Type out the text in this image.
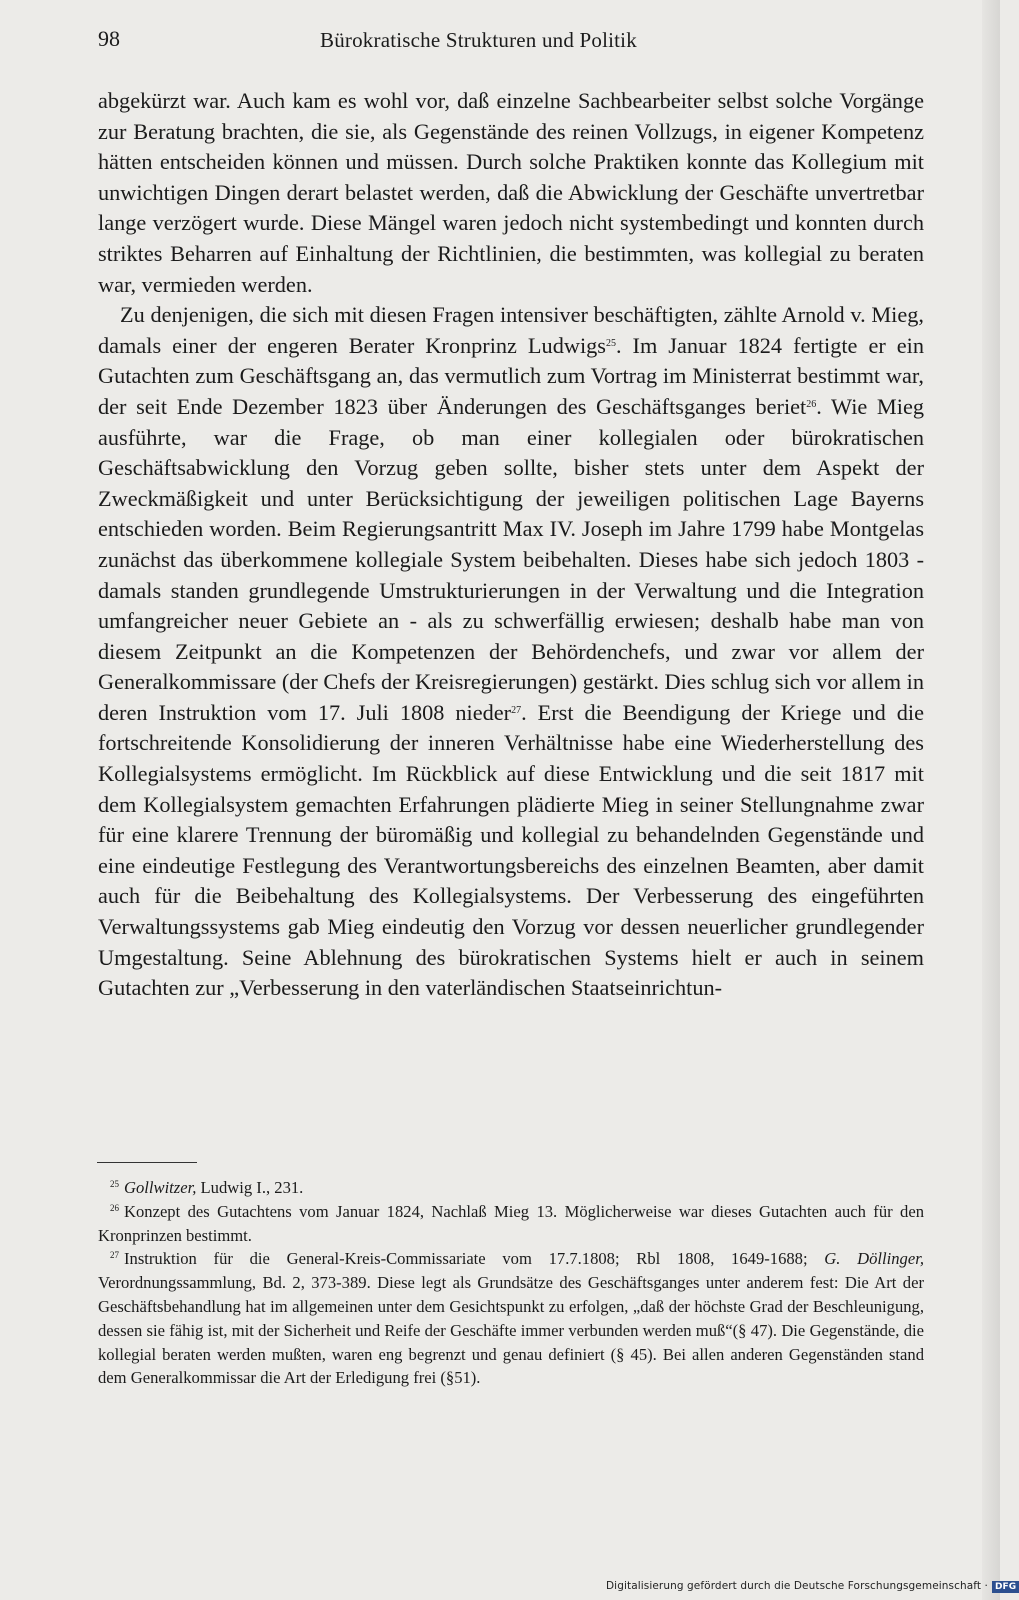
98	Bürokratische Strukturen und Politik

abgekürzt war. Auch kam es wohl vor, daß einzelne Sachbearbeiter selbst solche Vorgänge zur Beratung brachten, die sie, als Gegenstände des reinen Vollzugs, in eigener Kompetenz hätten entscheiden können und müssen. Durch solche Praktiken konnte das Kollegium mit unwichtigen Dingen derart belastet werden, daß die Abwicklung der Geschäfte unvertretbar lange verzögert wurde. Diese Mängel waren jedoch nicht systembedingt und konnten durch striktes Beharren auf Einhaltung der Richtlinien, die bestimmten, was kollegial zu beraten war, vermieden werden.

Zu denjenigen, die sich mit diesen Fragen intensiver beschäftigten, zählte Arnold v. Mieg, damals einer der engeren Berater Kronprinz Ludwigs$^{25}$. Im Januar 1824 fertigte er ein Gutachten zum Geschäftsgang an, das vermutlich zum Vortrag im Ministerrat bestimmt war, der seit Ende Dezember 1823 über Änderungen des Geschäftsganges beriet$^{26}$. Wie Mieg ausführte, war die Frage, ob man einer kollegialen oder bürokratischen Geschäftsabwicklung den Vorzug geben sollte, bisher stets unter dem Aspekt der Zweckmäßigkeit und unter Berücksichtigung der jeweiligen politischen Lage Bayerns entschieden worden. Beim Regierungsantritt Max IV. Joseph im Jahre 1799 habe Montgelas zunächst das überkommene kollegiale System beibehalten. Dieses habe sich jedoch 1803 - damals standen grundlegende Umstrukturierungen in der Verwaltung und die Integration umfangreicher neuer Gebiete an - als zu schwerfällig erwiesen; deshalb habe man von diesem Zeitpunkt an die Kompetenzen der Behördenchefs, und zwar vor allem der Generalkommissare (der Chefs der Kreisregierungen) gestärkt. Dies schlug sich vor allem in deren Instruktion vom 17. Juli 1808 nieder$^{27}$. Erst die Beendigung der Kriege und die fortschreitende Konsolidierung der inneren Verhältnisse habe eine Wiederherstellung des Kollegialsystems ermöglicht. Im Rückblick auf diese Entwicklung und die seit 1817 mit dem Kollegialsystem gemachten Erfahrungen plädierte Mieg in seiner Stellungnahme zwar für eine klarere Trennung der büromäßig und kollegial zu behandelnden Gegenstände und eine eindeutige Festlegung des Verantwortungsbereichs des einzelnen Beamten, aber damit auch für die Beibehaltung des Kollegialsystems. Der Verbesserung des eingeführten Verwaltungssystems gab Mieg eindeutig den Vorzug vor dessen neuerlicher grundlegender Umgestaltung. Seine Ablehnung des bürokratischen Systems hielt er auch in seinem Gutachten zur „Verbesserung in den vaterländischen Staatseinrichtun-

$^{25}$ Gollwitzer, Ludwig I., 231.

$^{26}$ Konzept des Gutachtens vom Januar 1824, Nachlaß Mieg 13. Möglicherweise war dieses Gutachten auch für den Kronprinzen bestimmt.

$^{27}$ Instruktion für die General-Kreis-Commissariate vom 17.7.1808; Rbl 1808, 1649-1688; G. Döllinger, Verordnungssammlung, Bd. 2, 373-389. Diese legt als Grundsätze des Geschäftsganges unter anderem fest: Die Art der Geschäftsbehandlung hat im allgemeinen unter dem Gesichtspunkt zu erfolgen, „daß der höchste Grad der Beschleunigung, dessen sie fähig ist, mit der Sicherheit und Reife der Geschäfte immer verbunden werden muß“(§ 47). Die Gegenstände, die kollegial beraten werden mußten, waren eng begrenzt und genau definiert (§ 45). Bei allen anderen Gegenständen stand dem Generalkommissar die Art der Erledigung frei (§51).

Digitalisierung gefördert durch die Deutsche Forschungsgemeinschaft · DFG
